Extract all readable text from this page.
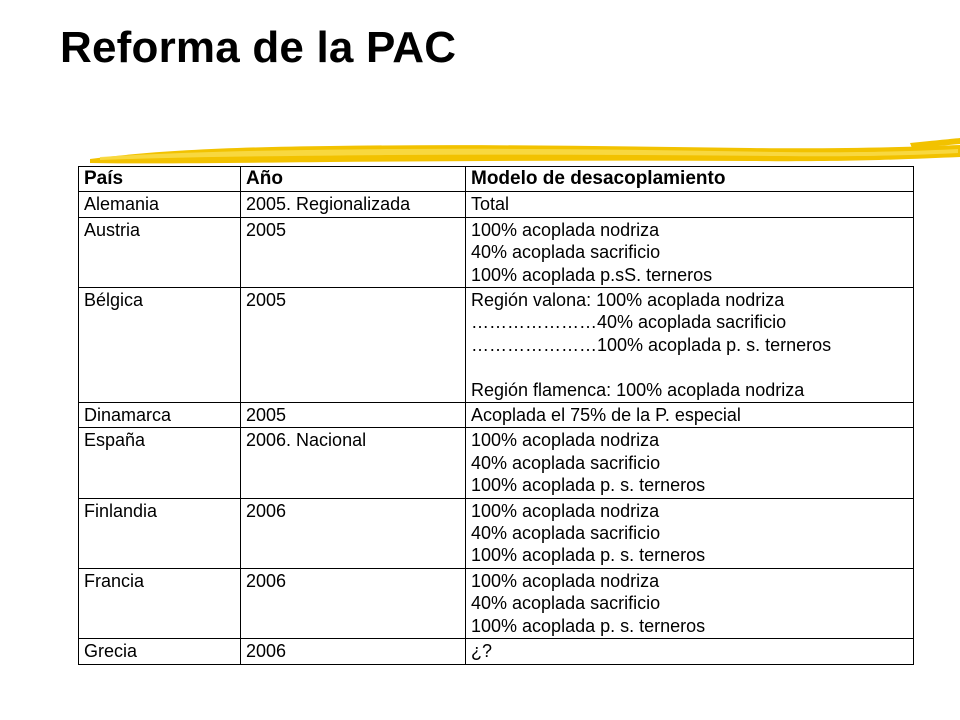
Reforma de la PAC
País	Año	Modelo de desacoplamiento
Alemania	2005. Regionalizada	Total

Austria	2005	100% acoplada nodriza
40% acoplada sacrificio
100% acoplada p.sS. terneros

Bélgica	2005	Región valona: 100% acoplada nodriza
…………………40% acoplada sacrificio
…………………100% acoplada p. s. terneros
Región flamenca: 100% acoplada nodriza

Dinamarca	2005	Acoplada el 75% de la P. especial

España	2006. Nacional	100% acoplada nodriza
40% acoplada sacrificio
100% acoplada p. s. terneros

Finlandia	2006	100% acoplada nodriza
40% acoplada sacrificio
100% acoplada p. s. terneros

Francia	2006	100% acoplada nodriza
40% acoplada sacrificio
100% acoplada p. s. terneros

Grecia	2006	¿?
